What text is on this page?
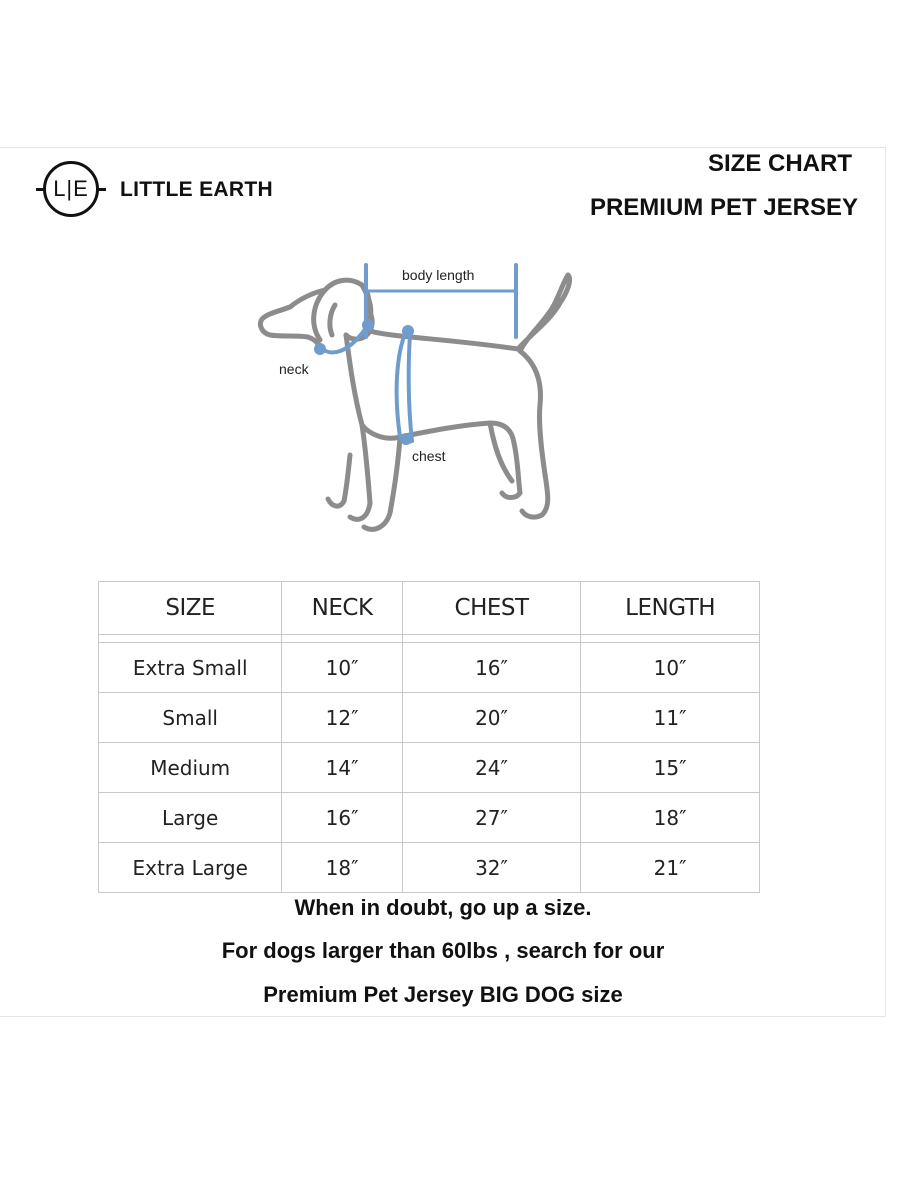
L|E	LITTLE EARTH
SIZE CHART
PREMIUM PET JERSEY
body length
neck
chest
SIZE	NECK	CHEST	LENGTH

Extra Small	10″	16″	10″
Small	12″	20″	11″
Medium	14″	24″	15″
Large	16″	27″	18″
Extra Large	18″	32″	21″
When in doubt, go up a size.
For dogs larger than 60lbs , search for our
Premium Pet Jersey BIG DOG size
